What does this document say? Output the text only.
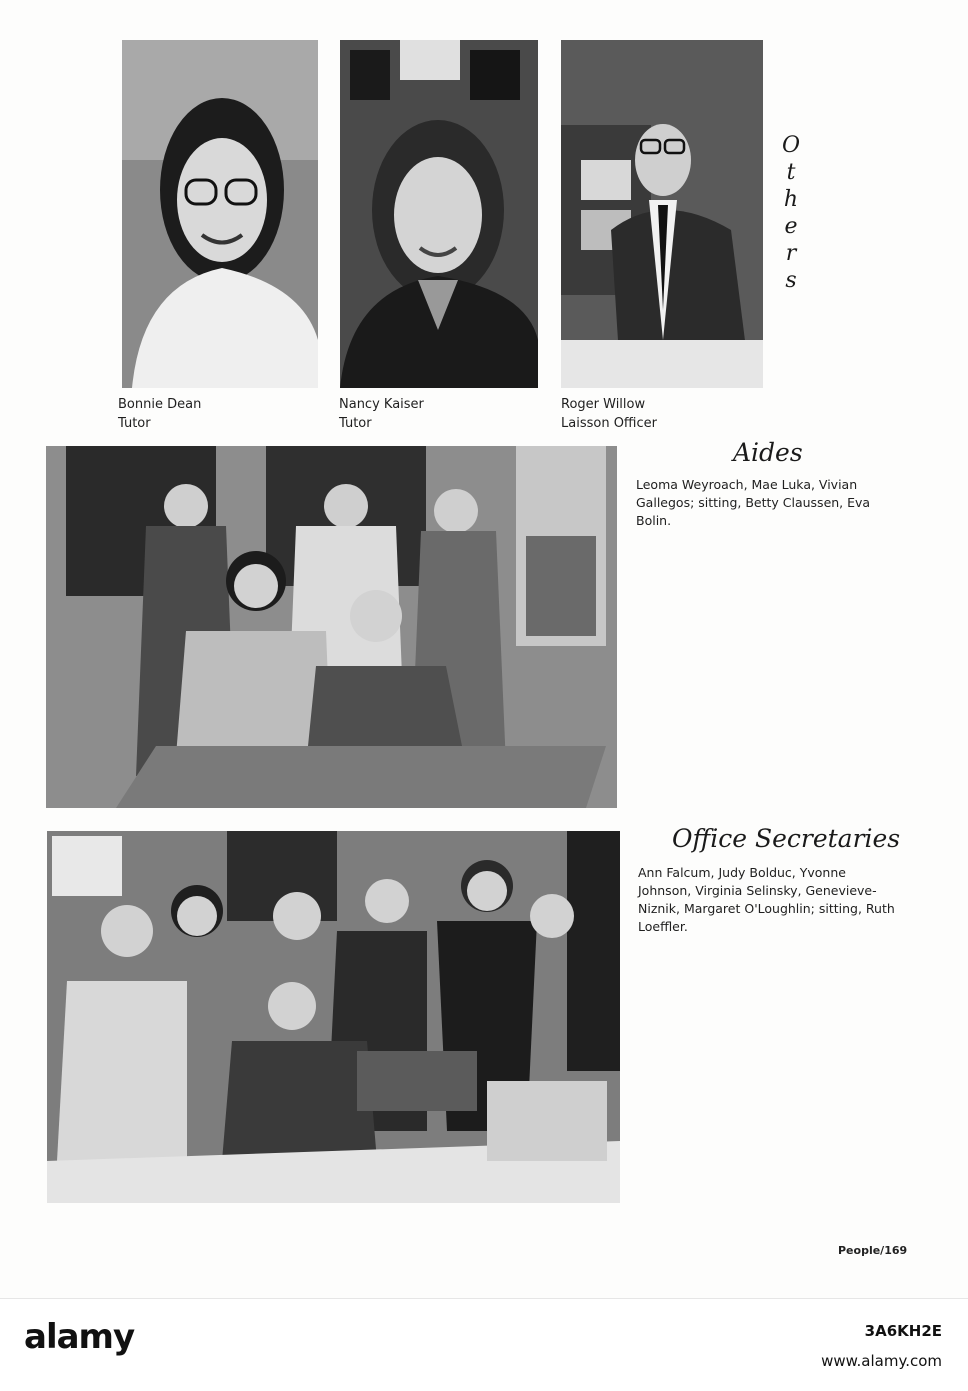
Bonnie Dean
Tutor
Nancy Kaiser
Tutor
Roger Willow
Laisson Officer
O
t
h
e
r
s
Aides
Leoma Weyroach, Mae Luka, Vivian Gallegos; sitting, Betty Claussen, Eva Bolin.
Office Secretaries
Ann Falcum, Judy Bolduc, Yvonne Johnson, Virginia Selinsky, Genevieve-Niznik, Margaret O'Loughlin; sitting, Ruth Loeffler.
People/169
alamy	3A6KH2E
www.alamy.com
